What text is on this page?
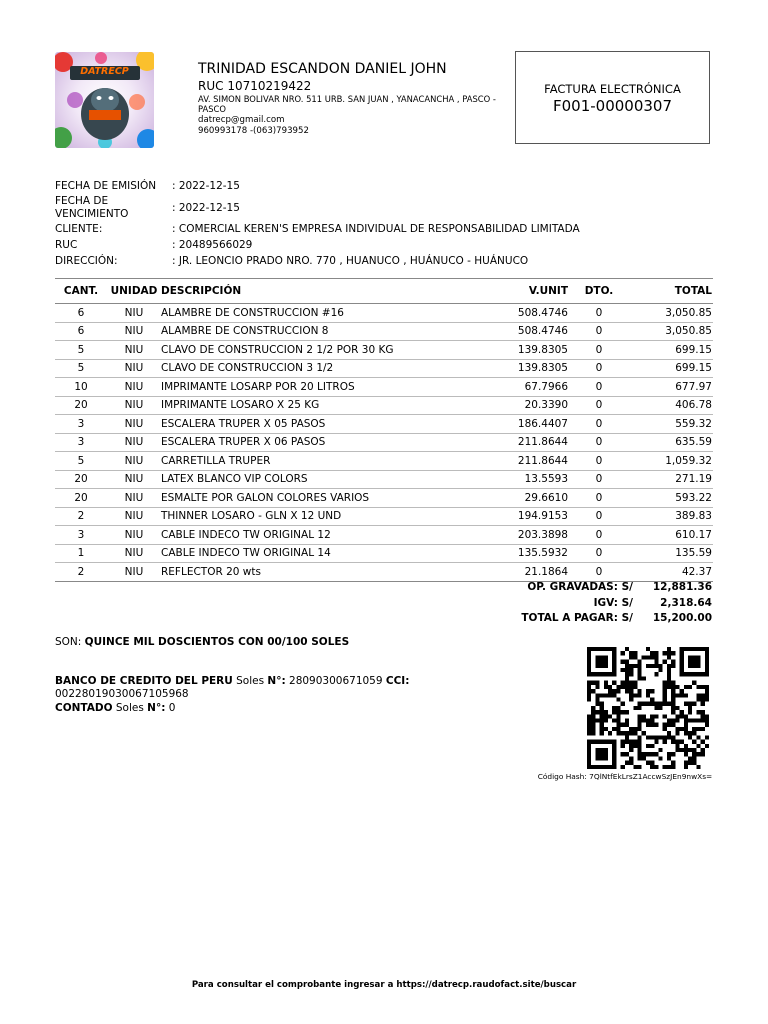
DATRECP	TRINIDAD ESCANDON DANIEL JOHN
RUC 10710219422
AV. SIMON BOLIVAR NRO. 511 URB. SAN JUAN , YANACANCHA , PASCO - PASCO
datrecp@gmail.com
960993178 -(063)793952
FACTURA ELECTRÓNICA
F001-00000307
FECHA DE EMISIÓN : 2022-12-15
FECHA DE VENCIMIENTO	: 2022-12-15
CLIENTE:	: COMERCIAL KEREN'S EMPRESA INDIVIDUAL DE RESPONSABILIDAD LIMITADA
RUC	: 20489566029
DIRECCIÓN:	: JR. LEONCIO PRADO NRO. 770 , HUANUCO , HUÁNUCO - HUÁNUCO
CANT.	UNIDAD	DESCRIPCIÓN	V.UNIT	DTO.	TOTAL
6	NIU	ALAMBRE DE CONSTRUCCION #16	508.4746	0	3,050.85
6	NIU	ALAMBRE DE CONSTRUCCION 8	508.4746	0	3,050.85
5	NIU	CLAVO DE CONSTRUCCION 2 1/2 POR 30 KG	139.8305	0	699.15
5	NIU	CLAVO DE CONSTRUCCION 3 1/2	139.8305	0	699.15
10	NIU	IMPRIMANTE LOSARP POR 20 LITROS	67.7966	0	677.97
20	NIU	IMPRIMANTE LOSARO X 25 KG	20.3390	0	406.78
3	NIU	ESCALERA TRUPER X 05 PASOS	186.4407	0	559.32
3	NIU	ESCALERA TRUPER X 06 PASOS	211.8644	0	635.59
5	NIU	CARRETILLA TRUPER	211.8644	0	1,059.32
20	NIU	LATEX BLANCO VIP COLORS	13.5593	0	271.19
20	NIU	ESMALTE POR GALON COLORES VARIOS	29.6610	0	593.22
2	NIU	THINNER LOSARO - GLN X 12 UND	194.9153	0	389.83
3	NIU	CABLE INDECO TW ORIGINAL 12	203.3898	0	610.17
1	NIU	CABLE INDECO TW ORIGINAL 14	135.5932	0	135.59
2	NIU	REFLECTOR 20 wts	21.1864	0	42.37
OP. GRAVADAS: S/	12,881.36
IGV: S/	2,318.64
TOTAL A PAGAR: S/	15,200.00
SON: QUINCE MIL DOSCIENTOS CON 00/100 SOLES
BANCO DE CREDITO DEL PERU Soles N°: 28090300671059 CCI:
00228019030067105968
CONTADO Soles N°: 0
Código Hash: 7QlNtfEkLrsZ1AccwSzJEn9nwXs=
Para consultar el comprobante ingresar a https://datrecp.raudofact.site/buscar
